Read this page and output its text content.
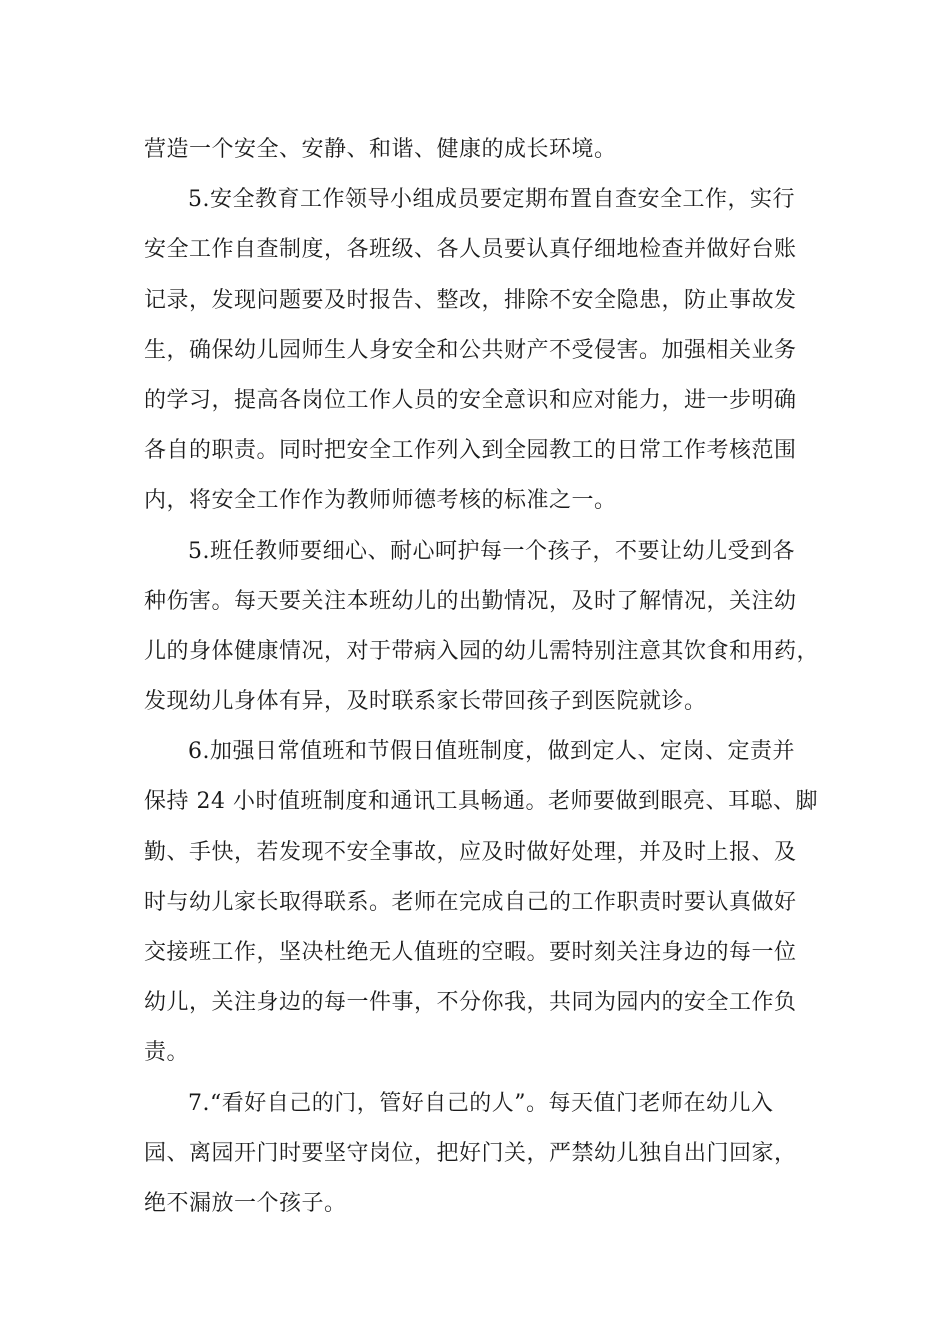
营造一个安全、安静、和谐、健康的成长环境。

5.安全教育工作领导小组成员要定期布置自查安全工作，实行

安全工作自查制度，各班级、各人员要认真仔细地检查并做好台账

记录，发现问题要及时报告、整改，排除不安全隐患，防止事故发

生，确保幼儿园师生人身安全和公共财产不受侵害。加强相关业务

的学习，提高各岗位工作人员的安全意识和应对能力，进一步明确

各自的职责。同时把安全工作列入到全园教工的日常工作考核范围

内，将安全工作作为教师师德考核的标准之一。

5.班任教师要细心、耐心呵护每一个孩子，不要让幼儿受到各

种伤害。每天要关注本班幼儿的出勤情况，及时了解情况，关注幼

儿的身体健康情况，对于带病入园的幼儿需特别注意其饮食和用药，

发现幼儿身体有异，及时联系家长带回孩子到医院就诊。

6.加强日常值班和节假日值班制度，做到定人、定岗、定责并

保持 24 小时值班制度和通讯工具畅通。老师要做到眼亮、耳聪、脚

勤、手快，若发现不安全事故，应及时做好处理，并及时上报、及

时与幼儿家长取得联系。老师在完成自己的工作职责时要认真做好

交接班工作，坚决杜绝无人值班的空暇。要时刻关注身边的每一位

幼儿，关注身边的每一件事，不分你我，共同为园内的安全工作负

责。

7.“看好自己的门，管好自己的人”。每天值门老师在幼儿入

园、离园开门时要坚守岗位，把好门关，严禁幼儿独自出门回家，

绝不漏放一个孩子。
